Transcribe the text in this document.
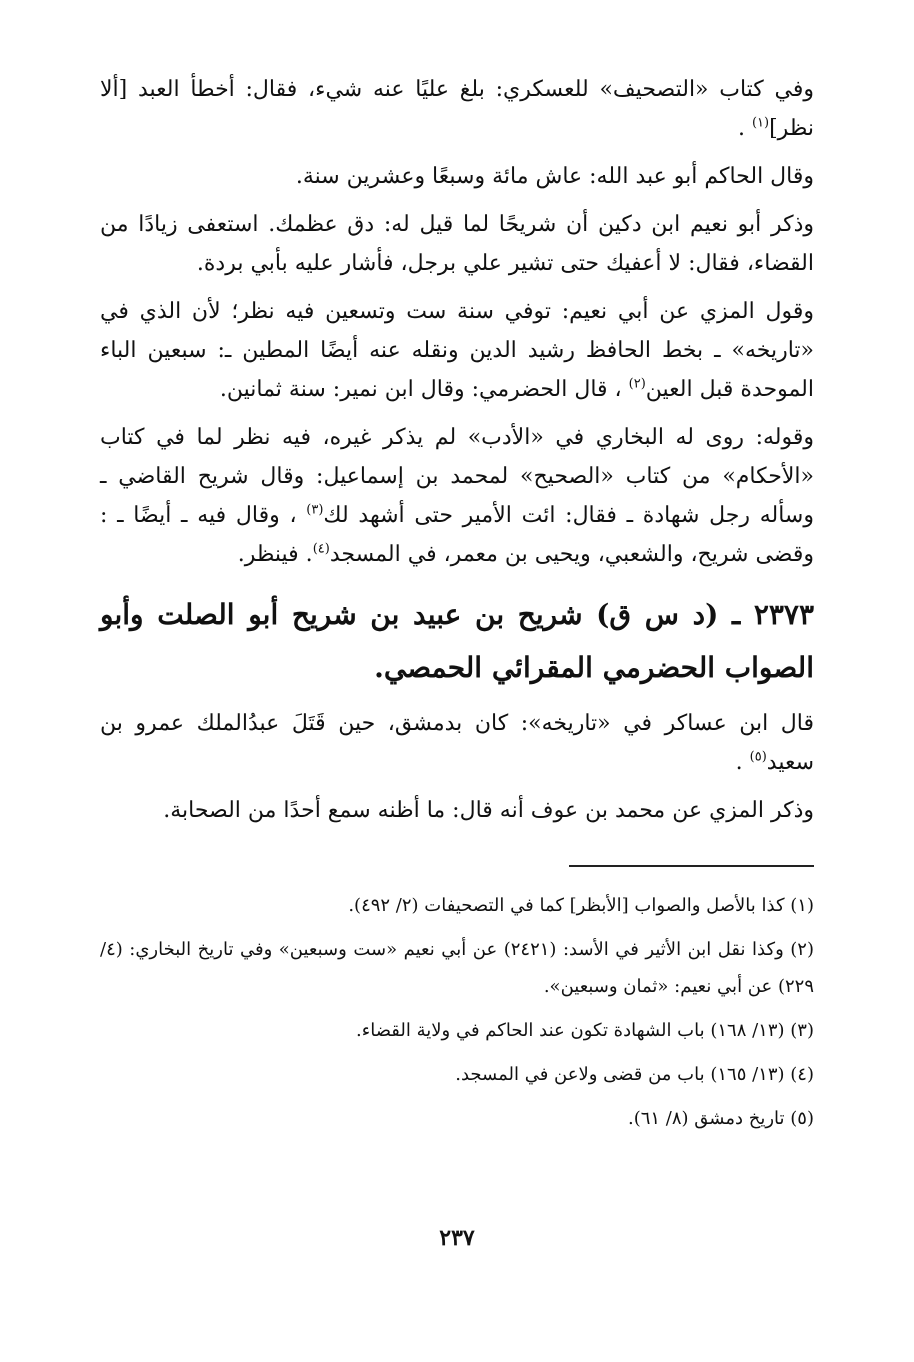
وفي كتاب «التصحيف» للعسكري: بلغ عليًا عنه شيء، فقال: أخطأ العبد [ألا نظر]$^{(١)}$ .

وقال الحاكم أبو عبد الله: عاش مائة وسبعًا وعشرين سنة.

وذكر أبو نعيم ابن دكين أن شريحًا لما قيل له: دق عظمك. استعفى زيادًا من القضاء، فقال: لا أعفيك حتى تشير علي برجل، فأشار عليه بأبي بردة.

وقول المزي عن أبي نعيم: توفي سنة ست وتسعين فيه نظر؛ لأن الذي في «تاريخه» ـ بخط الحافظ رشيد الدين ونقله عنه أيضًا المطين ـ: سبعين الباء الموحدة قبل العين$^{(٢)}$ ، قال الحضرمي: وقال ابن نمير: سنة ثمانين.

وقوله: روى له البخاري في «الأدب» لم يذكر غيره، فيه نظر لما في كتاب «الأحكام» من كتاب «الصحيح» لمحمد بن إسماعيل: وقال شريح القاضي ـ وسأله رجل شهادة ـ فقال: ائت الأمير حتى أشهد لك$^{(٣)}$ ، وقال فيه ـ أيضًا ـ : وقضى شريح، والشعبي، ويحيى بن معمر، في المسجد$^{(٤)}$. فينظر.

٢٣٧٣ ـ (د س ق) شريح بن عبيد بن شريح أبو الصلت وأبو الصواب الحضرمي المقرائي الحمصي.

قال ابن عساكر في «تاريخه»: كان بدمشق، حين قَتَلَ عبدُالملك عمرو بن سعيد$^{(٥)}$ .

وذكر المزي عن محمد بن عوف أنه قال: ما أظنه سمع أحدًا من الصحابة.

(١) كذا بالأصل والصواب [الأبظر] كما في التصحيفات (٢/ ٤٩٢).

(٢) وكذا نقل ابن الأثير في الأسد: (٢٤٢١) عن أبي نعيم «ست وسبعين» وفي تاريخ البخاري: (٤/ ٢٢٩) عن أبي نعيم: «ثمان وسبعين».

(٣) (١٣/ ١٦٨) باب الشهادة تكون عند الحاكم في ولاية القضاء.

(٤) (١٣/ ١٦٥) باب من قضى ولاعن في المسجد.

(٥) تاريخ دمشق (٨/ ٦١).

٢٣٧
